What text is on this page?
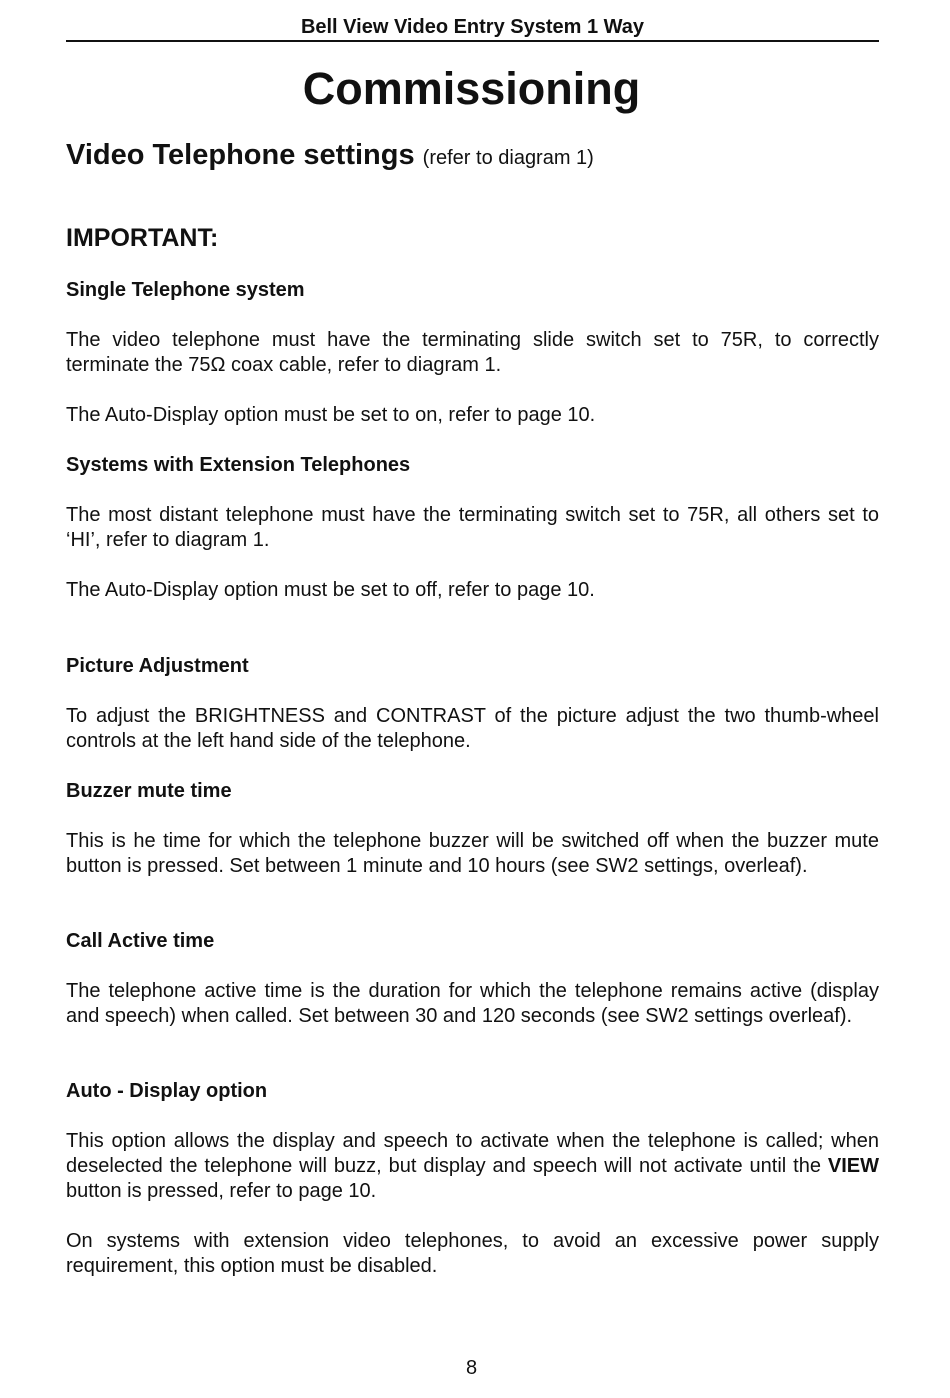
Bell View Video Entry System 1 Way
Commissioning
Video Telephone settings (refer to diagram 1)
IMPORTANT:
Single Telephone system

The video telephone must have the terminating slide switch set to 75R, to correctly terminate the 75Ω coax cable, refer to diagram 1.

The Auto-Display option must be set to on, refer to page 10.

Systems with Extension Telephones

The most distant telephone must have the terminating switch set to 75R, all others set to ‘HI’, refer to diagram 1.

The Auto-Display option must be set to off, refer to page 10.

Picture Adjustment

To adjust the BRIGHTNESS and CONTRAST of the picture adjust the two thumb-wheel controls at the left hand side of the telephone.

Buzzer mute time

This is he time for which the telephone buzzer will be switched off when the buzzer mute button is pressed. Set between 1 minute and 10 hours (see SW2 settings, overleaf).

Call Active time

The telephone active time is the duration for which the telephone remains active (display and speech) when called. Set between 30 and 120 seconds (see SW2 settings overleaf).

Auto - Display option

This option allows the display and speech to activate when the telephone is called; when deselected the telephone will buzz, but display and speech will not activate until the VIEW button is pressed, refer to page 10.

On systems with extension video telephones, to avoid an excessive power supply requirement, this option must be disabled.

8
